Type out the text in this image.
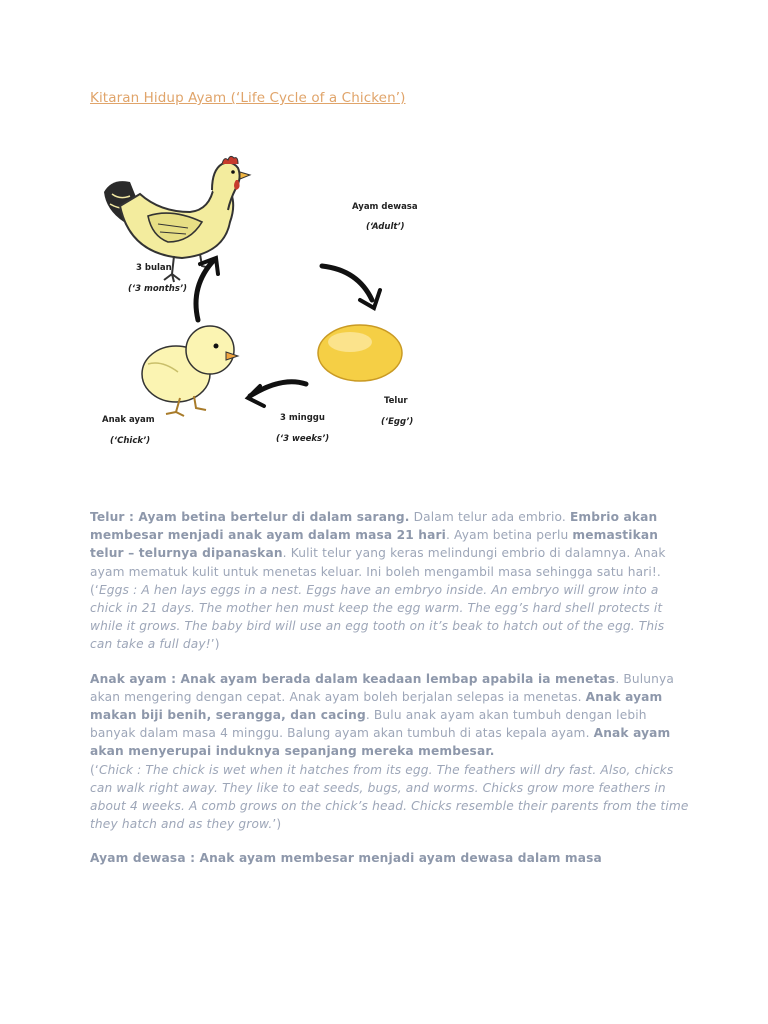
Kitaran Hidup Ayam (‘Life Cycle of a Chicken’)
Ayam dewasa
(‘Adult’)
3 bulan
(‘3 months’)
Telur
(‘Egg’)
3 minggu
(‘3 weeks’)
Anak ayam
(‘Chick’)

Telur : Ayam betina bertelur di dalam sarang. Dalam telur ada embrio. Embrio akan membesar menjadi anak ayam dalam masa 21 hari. Ayam betina perlu memastikan telur – telurnya dipanaskan. Kulit telur yang keras melindungi embrio di dalamnya. Anak ayam mematuk kulit untuk menetas keluar. Ini boleh mengambil masa sehingga satu hari!.
(‘Eggs : A hen lays eggs in a nest. Eggs have an embryo inside. An embryo will grow into a chick in 21 days. The mother hen must keep the egg warm. The egg’s hard shell protects it while it grows. The baby bird will use an egg tooth on it’s beak to hatch out of the egg. This can take a full day!’)

Anak ayam : Anak ayam berada dalam keadaan lembap apabila ia menetas. Bulunya akan mengering dengan cepat. Anak ayam boleh berjalan selepas ia menetas. Anak ayam makan biji benih, serangga, dan cacing. Bulu anak ayam akan tumbuh dengan lebih banyak dalam masa 4 minggu. Balung ayam akan tumbuh di atas kepala ayam. Anak ayam akan menyerupai induknya sepanjang mereka membesar.
(‘Chick : The chick is wet when it hatches from its egg. The feathers will dry fast. Also, chicks can walk right away. They like to eat seeds, bugs, and worms. Chicks grow more feathers in about 4 weeks. A comb grows on the chick’s head. Chicks resemble their parents from the time they hatch and as they grow.’)

Ayam dewasa : Anak ayam membesar menjadi ayam dewasa dalam masa
